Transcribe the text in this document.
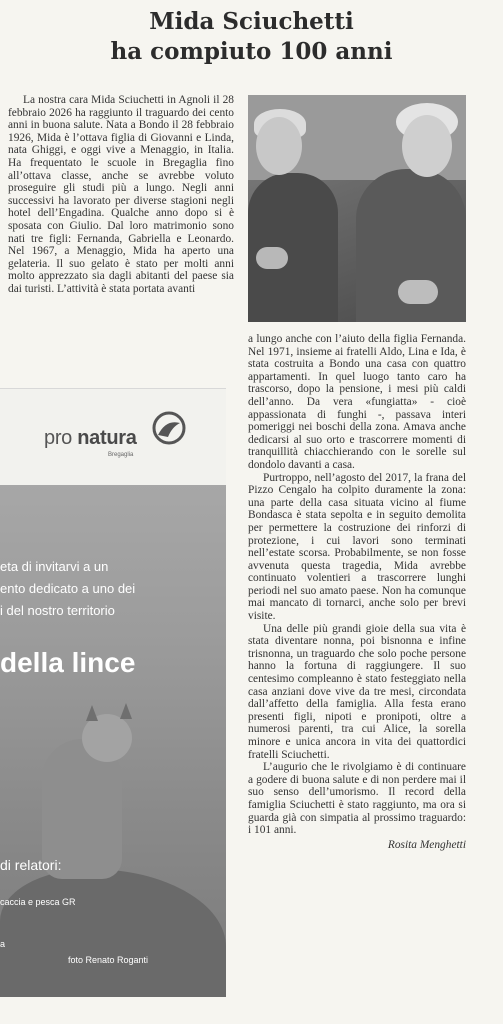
Mida Sciuchetti
ha compiuto 100 anni

La nostra cara Mida Sciuchetti in Agnoli il 28 febbraio 2026 ha raggiunto il traguardo dei cento anni in buona salute. Nata a Bondo il 28 febbraio 1926, Mida è l’ottava figlia di Giovanni e Linda, nata Ghiggi, e oggi vive a Menaggio, in Italia. Ha frequentato le scuole in Bregaglia fino all’ottava classe, anche se avrebbe voluto proseguire gli studi più a lungo. Negli anni successivi ha lavorato per diverse stagioni negli hotel dell’Engadina. Qualche anno dopo si è sposata con Giulio. Dal loro matrimonio sono nati tre figli: Fernanda, Gabriella e Leonardo. Nel 1967, a Menaggio, Mida ha aperto una gelateria. Il suo gelato è stato per molti anni molto apprezzato sia dagli abitanti del paese sia dai turisti. L’attività è stata portata avanti

a lungo anche con l’aiuto della figlia Fernanda. Nel 1971, insieme ai fratelli Aldo, Lina e Ida, è stata costruita a Bondo una casa con quattro appartamenti. In quel luogo tanto caro ha trascorso, dopo la pensione, i mesi più caldi dell’anno. Da vera «fungiatta» - cioè appassionata di funghi -, passava interi pomeriggi nei boschi della zona. Amava anche dedicarsi al suo orto e trascorrere momenti di tranquillità chiacchierando con le sorelle sul dondolo davanti a casa.

Purtroppo, nell’agosto del 2017, la frana del Pizzo Cengalo ha colpito duramente la zona: una parte della casa situata vicino al fiume Bondasca è stata sepolta e in seguito demolita per permettere la costruzione dei rinforzi di protezione, i cui lavori sono terminati nell’estate scorsa. Probabilmente, se non fosse avvenuta questa tragedia, Mida avrebbe continuato volentieri a trascorrere lunghi periodi nel suo amato paese. Non ha comunque mai mancato di tornarci, anche solo per brevi visite.

Una delle più grandi gioie della sua vita è stata diventare nonna, poi bisnonna e infine trisnonna, un traguardo che solo poche persone hanno la fortuna di raggiungere. Il suo centesimo compleanno è stato festeggiato nella casa anziani dove vive da tre mesi, circondata dall’affetto della famiglia. Alla festa erano presenti figli, nipoti e pronipoti, oltre a numerosi parenti, tra cui Alice, la sorella minore e unica ancora in vita dei quattordici fratelli Sciuchetti.

L’augurio che le rivolgiamo è di continuare a godere di buona salute e di non perdere mai il suo senso dell’umorismo. Il record della famiglia Sciuchetti è stato raggiunto, ma ora si guarda già con simpatia al prossimo traguardo: i 101 anni.

Rosita Menghetti

pro natura
Bregaglia
eta di invitarvi a un
ento dedicato a uno dei
i del nostro territorio
della lince
di relatori:
caccia e pesca GR
a
foto Renato Roganti
